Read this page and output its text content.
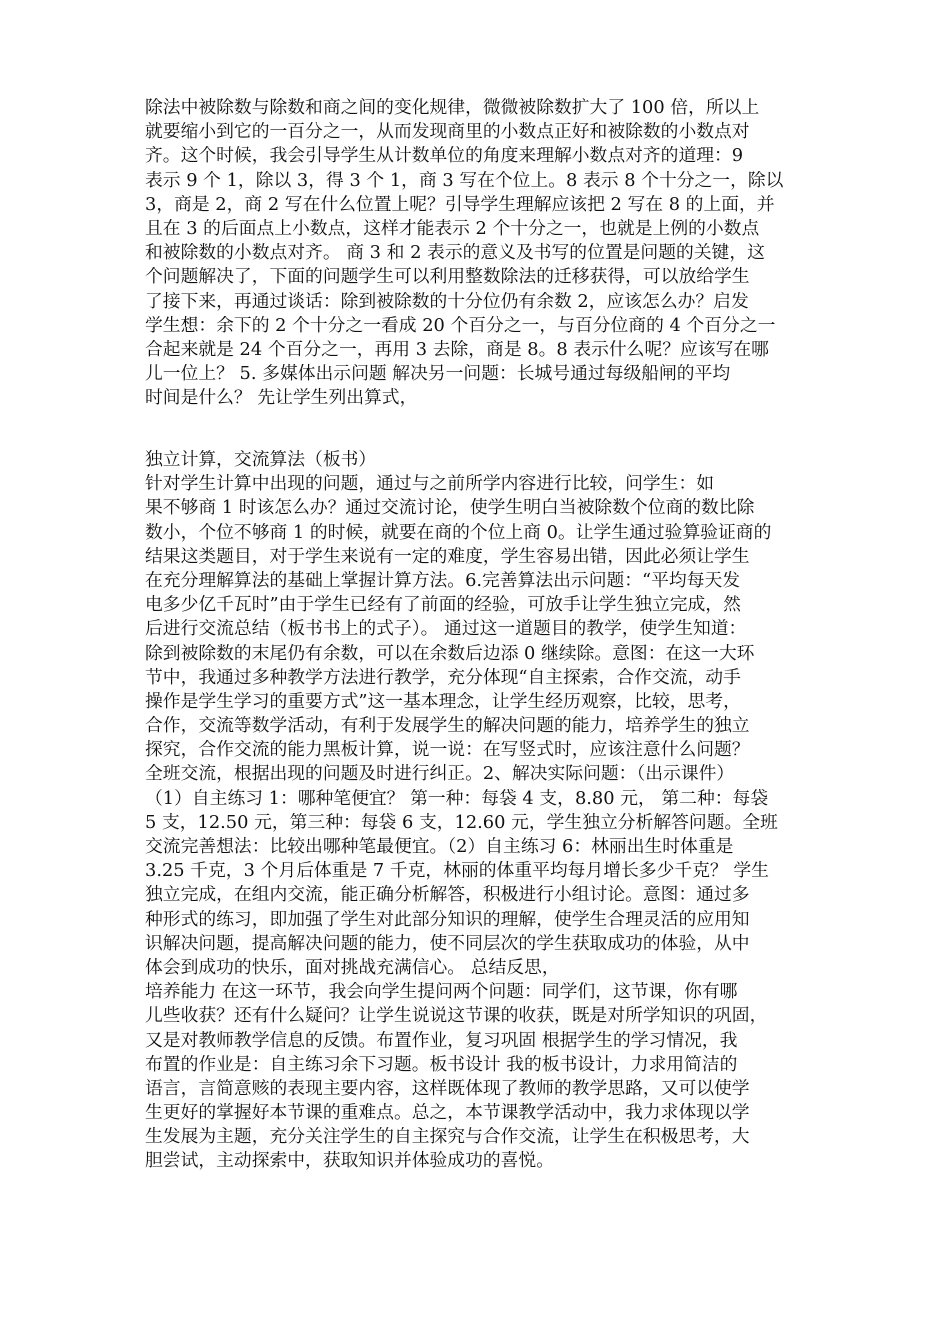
除法中被除数与除数和商之间的变化规律，微微被除数扩大了 100 倍，所以上
就要缩小到它的一百分之一，从而发现商里的小数点正好和被除数的小数点对
齐。这个时候，我会引导学生从计数单位的角度来理解小数点对齐的道理：9
表示 9 个 1，除以 3，得 3 个 1，商 3 写在个位上。8 表示 8 个十分之一，除以
3，商是 2，商 2 写在什么位置上呢？引导学生理解应该把 2 写在 8 的上面，并
且在 3 的后面点上小数点，这样才能表示 2 个十分之一，也就是上例的小数点
和被除数的小数点对齐。 商 3 和 2 表示的意义及书写的位置是问题的关键，这
个问题解决了，下面的问题学生可以利用整数除法的迁移获得，可以放给学生
了接下来，再通过谈话：除到被除数的十分位仍有余数 2，应该怎么办？启发
学生想：余下的 2 个十分之一看成 20 个百分之一，与百分位商的 4 个百分之一
合起来就是 24 个百分之一，再用 3 去除，商是 8。8 表示什么呢？应该写在哪
儿一位上？ 5. 多媒体出示问题 解决另一问题：长城号通过每级船闸的平均
时间是什么？ 先让学生列出算式，
独立计算，交流算法（板书）
针对学生计算中出现的问题，通过与之前所学内容进行比较，问学生：如
果不够商 1 时该怎么办？通过交流讨论，使学生明白当被除数个位商的数比除
数小，个位不够商 1 的时候，就要在商的个位上商 0。让学生通过验算验证商的
结果这类题目，对于学生来说有一定的难度，学生容易出错，因此必须让学生
在充分理解算法的基础上掌握计算方法。6.完善算法出示问题：“平均每天发
电多少亿千瓦时”由于学生已经有了前面的经验，可放手让学生独立完成，然
后进行交流总结（板书书上的式子）。 通过这一道题目的教学，使学生知道：
除到被除数的末尾仍有余数，可以在余数后边添 0 继续除。意图：在这一大环
节中，我通过多种教学方法进行教学，充分体现“自主探索，合作交流，动手
操作是学生学习的重要方式”这一基本理念，让学生经历观察，比较，思考，
合作，交流等数学活动，有利于发展学生的解决问题的能力，培养学生的独立
探究，合作交流的能力黑板计算，说一说：在写竖式时，应该注意什么问题？
全班交流，根据出现的问题及时进行纠正。2、解决实际问题：（出示课件）
（1）自主练习 1：哪种笔便宜？ 第一种：每袋 4 支，8.80 元， 第二种：每袋
5 支，12.50 元，第三种：每袋 6 支，12.60 元，学生独立分析解答问题。全班
交流完善想法：比较出哪种笔最便宜。（2）自主练习 6：林丽出生时体重是
3.25 千克，3 个月后体重是 7 千克，林丽的体重平均每月增长多少千克？ 学生
独立完成，在组内交流，能正确分析解答，积极进行小组讨论。意图：通过多
种形式的练习，即加强了学生对此部分知识的理解，使学生合理灵活的应用知
识解决问题，提高解决问题的能力，使不同层次的学生获取成功的体验，从中
体会到成功的快乐，面对挑战充满信心。 总结反思，
培养能力 在这一环节，我会向学生提问两个问题：同学们，这节课，你有哪
儿些收获？还有什么疑问？让学生说说这节课的收获，既是对所学知识的巩固，
又是对教师教学信息的反馈。布置作业，复习巩固 根据学生的学习情况，我
布置的作业是：自主练习余下习题。板书设计 我的板书设计，力求用简洁的
语言，言简意赅的表现主要内容，这样既体现了教师的教学思路，又可以使学
生更好的掌握好本节课的重难点。总之，本节课教学活动中，我力求体现以学
生发展为主题，充分关注学生的自主探究与合作交流，让学生在积极思考，大
胆尝试，主动探索中，获取知识并体验成功的喜悦。
